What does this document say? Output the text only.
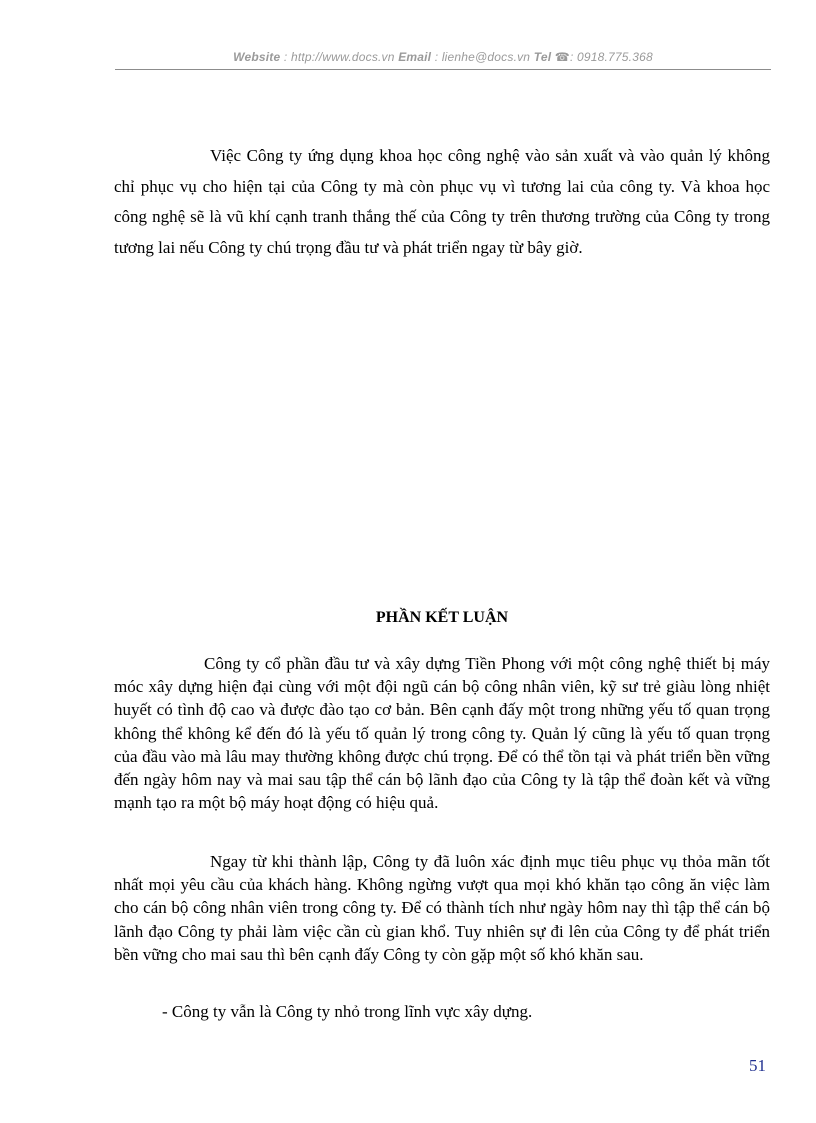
Website : http://www.docs.vn Email : lienhe@docs.vn Tel ☎: 0918.775.368

Việc Công ty ứng dụng khoa học công nghệ vào sản xuất và vào quản lý không chỉ phục vụ cho hiện tại của Công ty mà còn phục vụ vì tương lai của công ty. Và khoa học công nghệ sẽ là vũ khí cạnh tranh thắng thế của Công ty trên thương trường của Công ty trong tương lai nếu Công ty chú trọng đầu tư và phát triển ngay từ bây giờ.

PHẦN KẾT LUẬN

Công ty cổ phần đầu tư và xây dựng Tiền Phong với một công nghệ thiết bị máy móc xây dựng hiện đại cùng với một đội ngũ cán bộ công nhân viên, kỹ sư trẻ giàu lòng nhiệt huyết có tình độ cao và được đào tạo cơ bản. Bên cạnh đấy một trong những yếu tố quan trọng không thể không kể đến đó là yếu tố quản lý trong công ty. Quản lý cũng là yếu tố quan trọng của đầu vào mà lâu may thường không được chú trọng. Để có thể tồn tại và phát triển bền vững đến ngày hôm nay và mai sau tập thể cán bộ lãnh đạo của Công ty là tập thể đoàn kết và vững mạnh tạo ra một bộ máy hoạt động có hiệu quả.

Ngay từ khi thành lập, Công ty đã luôn xác định mục tiêu phục vụ thỏa mãn tốt nhất mọi yêu cầu của khách hàng. Không ngừng vượt qua mọi khó khăn tạo công ăn việc làm cho cán bộ công nhân viên trong công ty. Để có thành tích như ngày hôm nay thì tập thể cán bộ lãnh đạo Công ty phải làm việc cần cù gian khổ. Tuy nhiên sự đi lên của Công ty để phát triển bền vững cho mai sau thì bên cạnh đấy Công ty còn gặp một số khó khăn sau.

- Công ty vẫn là Công ty nhỏ trong lĩnh vực xây dựng.

51
